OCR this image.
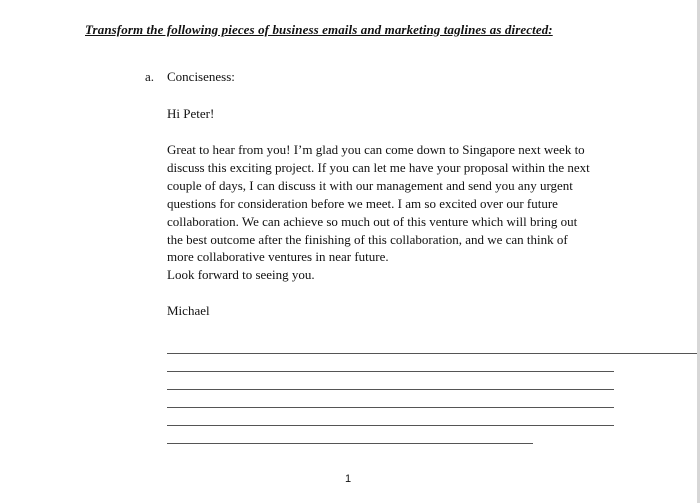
Transform the following pieces of business emails and marketing taglines as directed:
a. Conciseness:
Hi Peter!
Great to hear from you! I’m glad you can come down to Singapore next week to
discuss this exciting project. If you can let me have your proposal within the next
couple of days, I can discuss it with our management and send you any urgent
questions for consideration before we meet. I am so excited over our future
collaboration. We can achieve so much out of this venture which will bring out
the best outcome after the finishing of this collaboration, and we can think of
more collaborative ventures in near future.
Look forward to seeing you.
Michael
1
